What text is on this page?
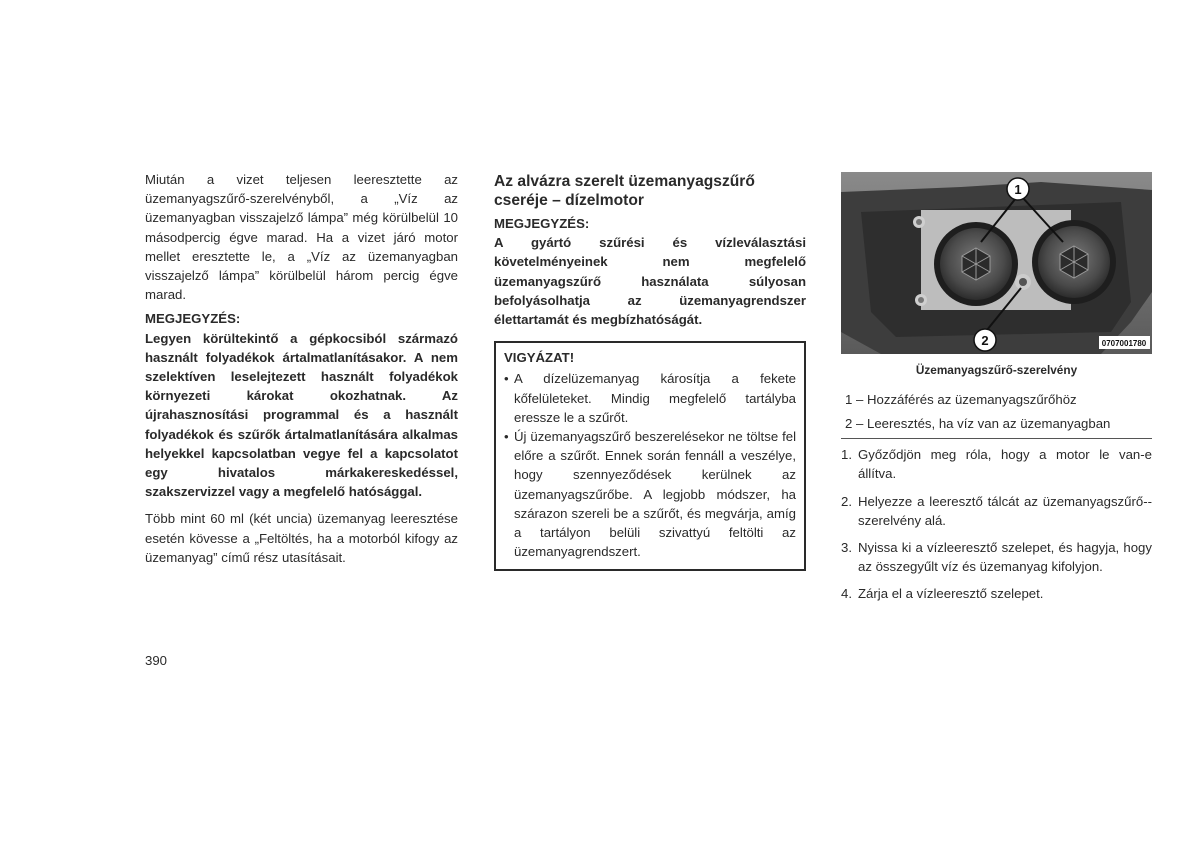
Miután a vizet teljesen leeresztette az üzemanyagszűrő-szerelvényből, a „Víz az üzemanyagban visszajelző lámpa” még körülbelül 10 másodpercig égve marad. Ha a vizet járó motor mellet eresztette le, a „Víz az üzemanyagban visszajelző lámpa” körülbelül három percig égve marad.

MEGJEGYZÉS:

Legyen körültekintő a gépkocsiból származó használt folyadékok ártalmatlanításakor. A nem szelektíven leselejtezett használt folyadékok környezeti károkat okozhatnak. Az újrahasznosítási programmal és a használt folyadékok és szűrők ártalmatlanítására alkalmas helyekkel kapcsolatban vegye fel a kapcsolatot egy hivatalos márkakereskedéssel, szakszervizzel vagy a megfelelő hatósággal.

Több mint 60 ml (két uncia) üzemanyag leeresztése esetén kövesse a „Feltöltés, ha a motorból kifogy az üzemanyag” című rész utasításait.

Az alvázra szerelt üzemanyagszűrő cseréje – dízelmotor
MEGJEGYZÉS:

A gyártó szűrési és vízleválasztási követelményeinek nem megfelelő üzemanyagszűrő használata súlyosan befolyásolhatja az üzemanyagrendszer élettartamát és megbízhatóságát.

VIGYÁZAT!
• A dízelüzemanyag károsítja a fekete kőfelületeket. Mindig megfelelő tartályba eressze le a szűrőt.
• Új üzemanyagszűrő beszerelésekor ne töltse fel előre a szűrőt. Ennek során fennáll a veszélye, hogy szennyeződések kerülnek az üzemanyagszűrőbe. A legjobb módszer, ha szárazon szereli be a szűrőt, és megvárja, amíg a tartályon belüli szivattyú feltölti az üzemanyagrendszert.
1
2	0707001780
Üzemanyagszűrő-szerelvény
1 – Hozzáférés az üzemanyagszűrőhöz
2 – Leeresztés, ha víz van az üzemanyagban
1. Győződjön meg róla, hogy a motor le van-e állítva.
2. Helyezze a leeresztő tálcát az üzemanyagszűrő--szerelvény alá.
3. Nyissa ki a vízleeresztő szelepet, és hagyja, hogy az összegyűlt víz és üzemanyag kifolyjon.
4. Zárja el a vízleeresztő szelepet.
390
